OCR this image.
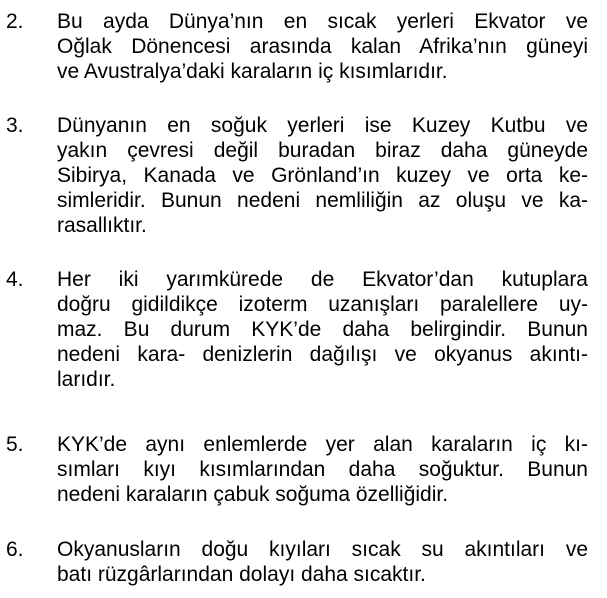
2. Bu ayda Dünya’nın en sıcak yerleri Ekvator ve
Oğlak Dönencesi arasında kalan Afrika’nın güneyi
ve Avustralya’daki karaların iç kısımlarıdır.
3. Dünyanın en soğuk yerleri ise Kuzey Kutbu ve
yakın çevresi değil buradan biraz daha güneyde
Sibirya, Kanada ve Grönland’ın kuzey ve orta ke-
simleridir. Bunun nedeni nemliliğin az oluşu ve ka-
rasallıktır.
4. Her iki yarımkürede de Ekvator’dan kutuplara
doğru gidildikçe izoterm uzanışları paralellere uy-
maz. Bu durum KYK’de daha belirgindir. Bunun
nedeni kara- denizlerin dağılışı ve okyanus akıntı-
larıdır.
5. KYK’de aynı enlemlerde yer alan karaların iç kı-
sımları kıyı kısımlarından daha soğuktur. Bunun
nedeni karaların çabuk soğuma özelliğidir.
6. Okyanusların doğu kıyıları sıcak su akıntıları ve
batı rüzgârlarından dolayı daha sıcaktır.
